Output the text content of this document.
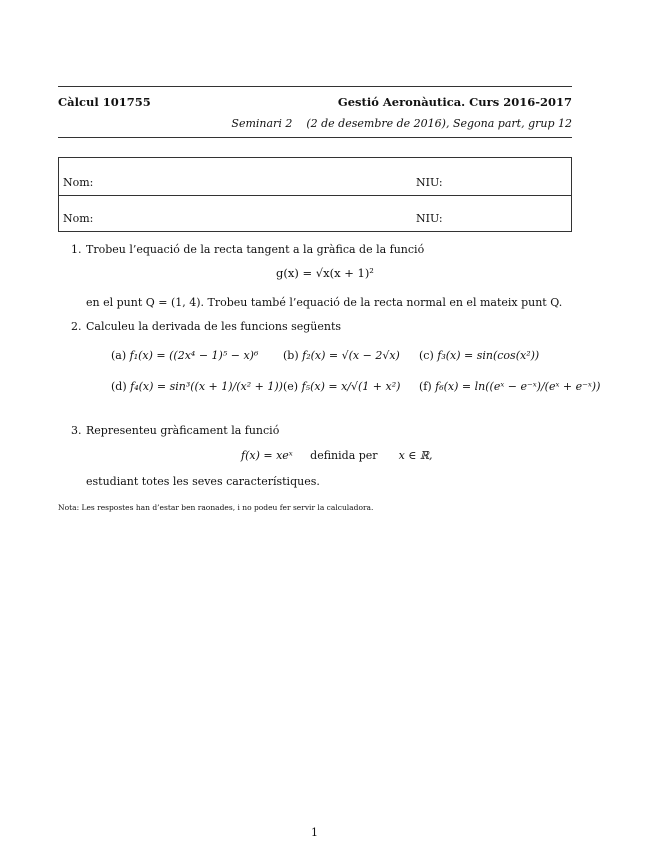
Càlcul 101755	Gestió Aeronàutica. Curs 2016-2017
Seminari 2 (2 de desembre de 2016), Segona part, grup 12
Nom:	NIU:
Nom:	NIU:
1. Trobeu l’equació de la recta tangent a la gràfica de la funció
g(x) = √x(x + 1)²
en el punt Q = (1, 4). Trobeu també l’equació de la recta normal en el mateix punt Q.
2. Calculeu la derivada de les funcions següents
(a) f₁(x) = ((2x⁴ − 1)⁵ − x)⁶ (b) f₂(x) = √(x − 2√x) (c) f₃(x) = sin(cos(x²))
(d) f₄(x) = sin³((x + 1)/(x² + 1)) (e) f₅(x) = x/√(1 + x²) (f) f₆(x) = ln((eˣ − e⁻ˣ)/(eˣ + e⁻ˣ))
3. Representeu gràficament la funció
f(x) = xeˣ definida per x ∈ ℝ,
estudiant totes les seves característiques.
Nota: Les respostes han d’estar ben raonades, i no podeu fer servir la calculadora.
1
